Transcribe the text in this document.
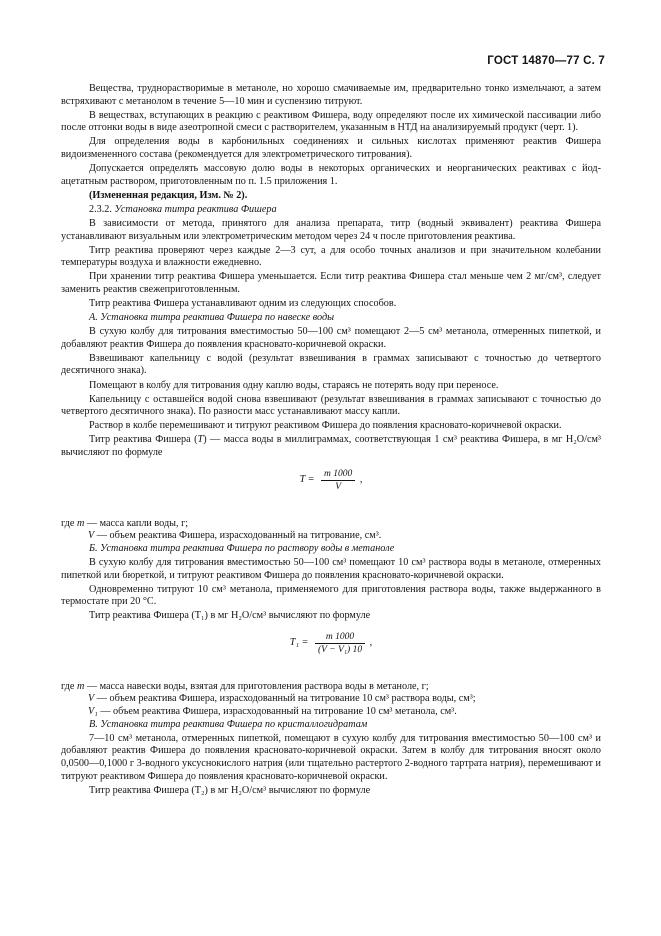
ГОСТ 14870—77 С. 7

Вещества, труднорастворимые в метаноле, но хорошо смачиваемые им, предварительно тонко измельчают, а затем встряхивают с метанолом в течение 5—10 мин и суспензию титруют.

В веществах, вступающих в реакцию с реактивом Фишера, воду определяют после их химической пассивации либо после отгонки воды в виде азеотропной смеси с растворителем, указанным в НТД на анализируемый продукт (черт. 1).

Для определения воды в карбонильных соединениях и сильных кислотах применяют реактив Фишера видоизмененного состава (рекомендуется для электрометрического титрования).

Допускается определять массовую долю воды в некоторых органических и неорганических реактивах с йод-ацетатным раствором, приготовленным по п. 1.5 приложения 1.

(Измененная редакция, Изм. № 2).

2.3.2. Установка титра реактива Фишера

В зависимости от метода, принятого для анализа препарата, титр (водный эквивалент) реактива Фишера устанавливают визуальным или электрометрическим методом через 24 ч после приготовления реактива.

Титр реактива проверяют через каждые 2—3 сут, а для особо точных анализов и при значительном колебании температуры воздуха и влажности ежедневно.

При хранении титр реактива Фишера уменьшается. Если титр реактива Фишера стал меньше чем 2 мг/см³, следует заменить реактив свежеприготовленным.

Титр реактива Фишера устанавливают одним из следующих способов.

А. Установка титра реактива Фишера по навеске воды

В сухую колбу для титрования вместимостью 50—100 см³ помещают 2—5 см³ метанола, отмеренных пипеткой, и добавляют реактив Фишера до появления красновато-коричневой окраски.

Взвешивают капельницу с водой (результат взвешивания в граммах записывают с точностью до четвертого десятичного знака).

Помещают в колбу для титрования одну каплю воды, стараясь не потерять воду при переносе.

Капельницу с оставшейся водой снова взвешивают (результат взвешивания в граммах записывают с точностью до четвертого десятичного знака). По разности масс устанавливают массу капли.

Раствор в колбе перемешивают и титруют реактивом Фишера до появления красновато-коричневой окраски.

Титр реактива Фишера (T) — масса воды в миллиграммах, соответствующая 1 см³ реактива Фишера, в мг H₂O/см³ вычисляют по формуле

$T = \frac{m 1000}{V}$ ,

где m — масса капли воды, г;

V — объем реактива Фишера, израсходованный на титрование, см³.

Б. Установка титра реактива Фишера по раствору воды в метаноле

В сухую колбу для титрования вместимостью 50—100 см³ помещают 10 см³ раствора воды в метаноле, отмеренных пипеткой или бюреткой, и титруют реактивом Фишера до появления красновато-коричневой окраски.

Одновременно титруют 10 см³ метанола, применяемого для приготовления раствора воды, также выдержанного в термостате при 20 °С.

Титр реактива Фишера (T₁) в мг H₂O/см³ вычисляют по формуле

$T_1 = \frac{m 1000}{\text{(V − V₁) 10}}$ ,

где m — масса навески воды, взятая для приготовления раствора воды в метаноле, г;

V — объем реактива Фишера, израсходованный на титрование 10 см³ раствора воды, см³;

V₁ — объем реактива Фишера, израсходованный на титрование 10 см³ метанола, см³.

В. Установка титра реактива Фишера по кристаллогидратам

7—10 см³ метанола, отмеренных пипеткой, помещают в сухую колбу для титрования вместимостью 50—100 см³ и добавляют реактив Фишера до появления красновато-коричневой окраски. Затем в колбу для титрования вносят около 0,0500—0,1000 г 3-водного уксуснокислого натрия (или тщательно растертого 2-водного тартрата натрия), перемешивают и титруют реактивом Фишера до появления красновато-коричневой окраски.

Титр реактива Фишера (T₂) в мг H₂O/см³ вычисляют по формуле
